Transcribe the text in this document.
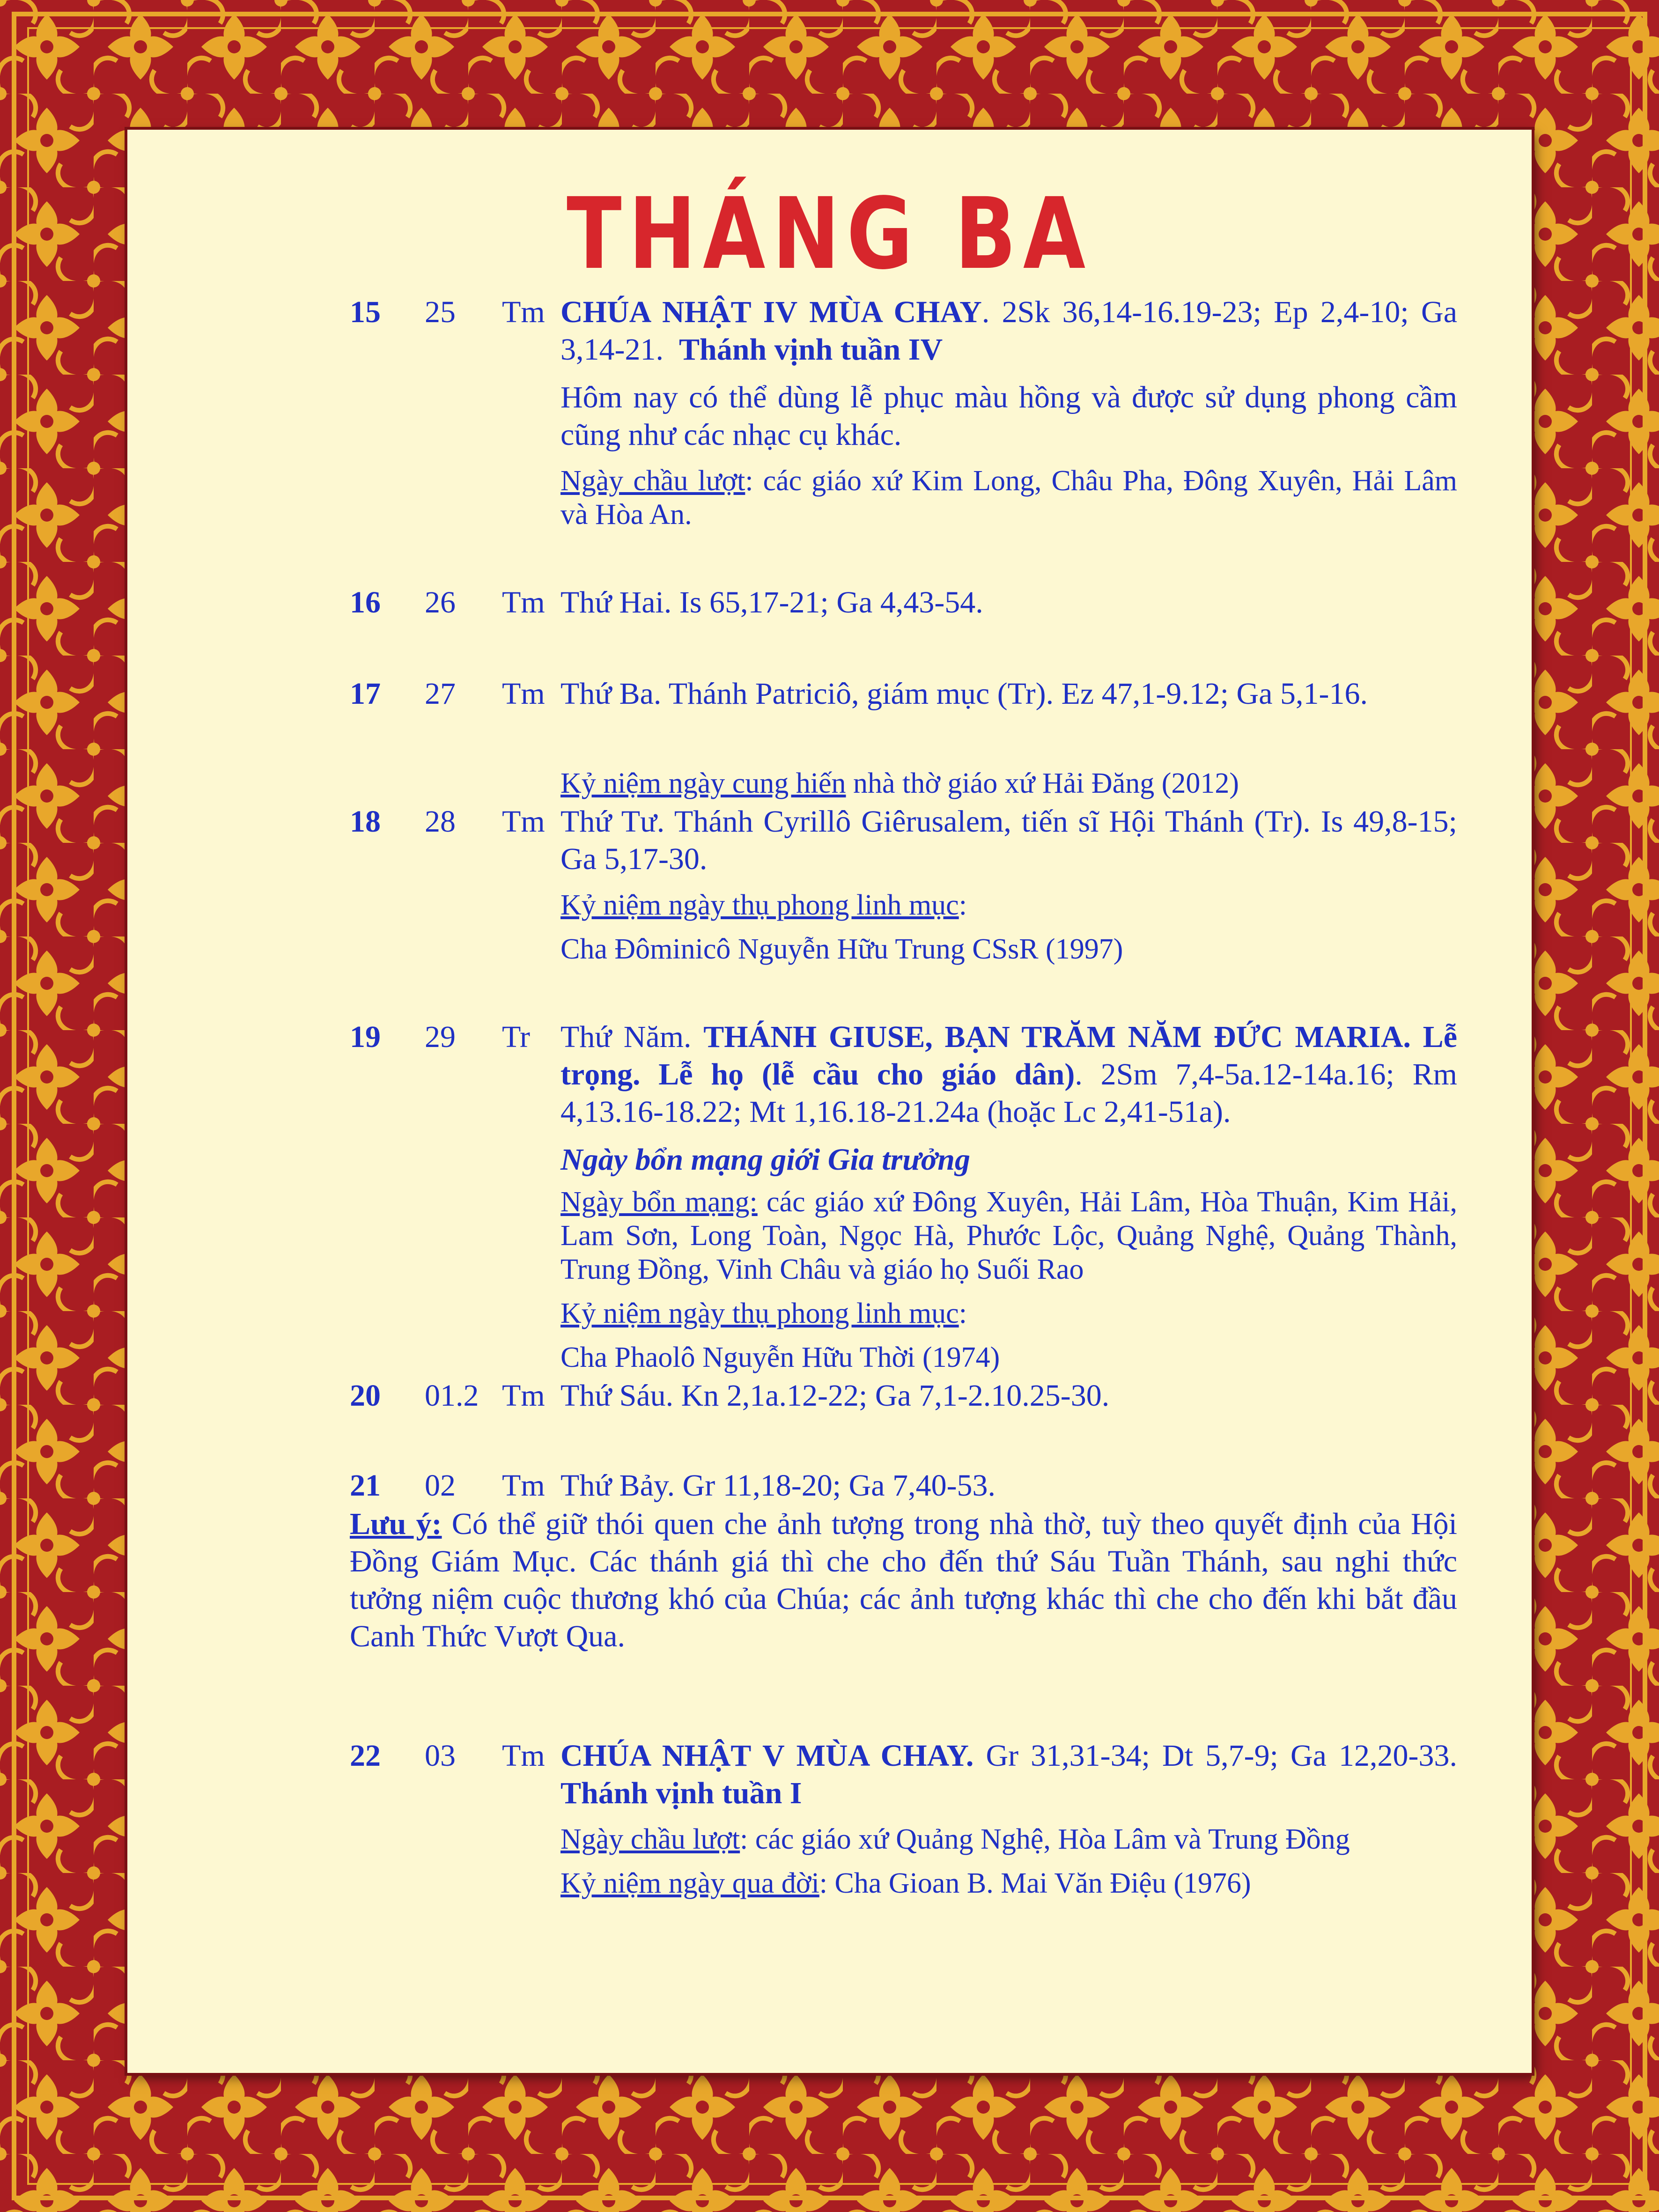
THÁNG BA
15 25 Tm CHÚA NHẬT IV MÙA CHAY. 2Sk 36,14-16.19-23; Ep 2,4-10; Ga 3,14-21. Thánh vịnh tuần IV

Hôm nay có thể dùng lễ phục màu hồng và được sử dụng phong cầm cũng như các nhạc cụ khác.

Ngày chầu lượt: các giáo xứ Kim Long, Châu Pha, Đông Xuyên, Hải Lâm và Hòa An.

16 26 Tm Thứ Hai. Is 65,17-21; Ga 4,43-54.

17 27 Tm Thứ Ba. Thánh Patriciô, giám mục (Tr). Ez 47,1-9.12; Ga 5,1-16.

Kỷ niệm ngày cung hiến nhà thờ giáo xứ Hải Đăng (2012)

18 28 Tm Thứ Tư. Thánh Cyrillô Giêrusalem, tiến sĩ Hội Thánh (Tr). Is 49,8-15; Ga 5,17-30.

Kỷ niệm ngày thụ phong linh mục:

Cha Đôminicô Nguyễn Hữu Trung CSsR (1997)

19 29 Tr Thứ Năm. THÁNH GIUSE, BẠN TRĂM NĂM ĐỨC MARIA. Lễ trọng. Lễ họ (lễ cầu cho giáo dân). 2Sm 7,4-5a.12-14a.16; Rm 4,13.16-18.22; Mt 1,16.18-21.24a (hoặc Lc 2,41-51a).

Ngày bổn mạng giới Gia trưởng

Ngày bổn mạng: các giáo xứ Đông Xuyên, Hải Lâm, Hòa Thuận, Kim Hải, Lam Sơn, Long Toàn, Ngọc Hà, Phước Lộc, Quảng Nghệ, Quảng Thành, Trung Đồng, Vinh Châu và giáo họ Suối Rao

Kỷ niệm ngày thụ phong linh mục:

Cha Phaolô Nguyễn Hữu Thời (1974)

20 01.2 Tm Thứ Sáu. Kn 2,1a.12-22; Ga 7,1-2.10.25-30.

21 02 Tm Thứ Bảy. Gr 11,18-20; Ga 7,40-53.

Lưu ý: Có thể giữ thói quen che ảnh tượng trong nhà thờ, tuỳ theo quyết định của Hội Đồng Giám Mục. Các thánh giá thì che cho đến thứ Sáu Tuần Thánh, sau nghi thức tưởng niệm cuộc thương khó của Chúa; các ảnh tượng khác thì che cho đến khi bắt đầu Canh Thức Vượt Qua.

22 03 Tm CHÚA NHẬT V MÙA CHAY. Gr 31,31-34; Dt 5,7-9; Ga 12,20-33. Thánh vịnh tuần I

Ngày chầu lượt: các giáo xứ Quảng Nghệ, Hòa Lâm và Trung Đồng

Kỷ niệm ngày qua đời: Cha Gioan B. Mai Văn Điệu (1976)
